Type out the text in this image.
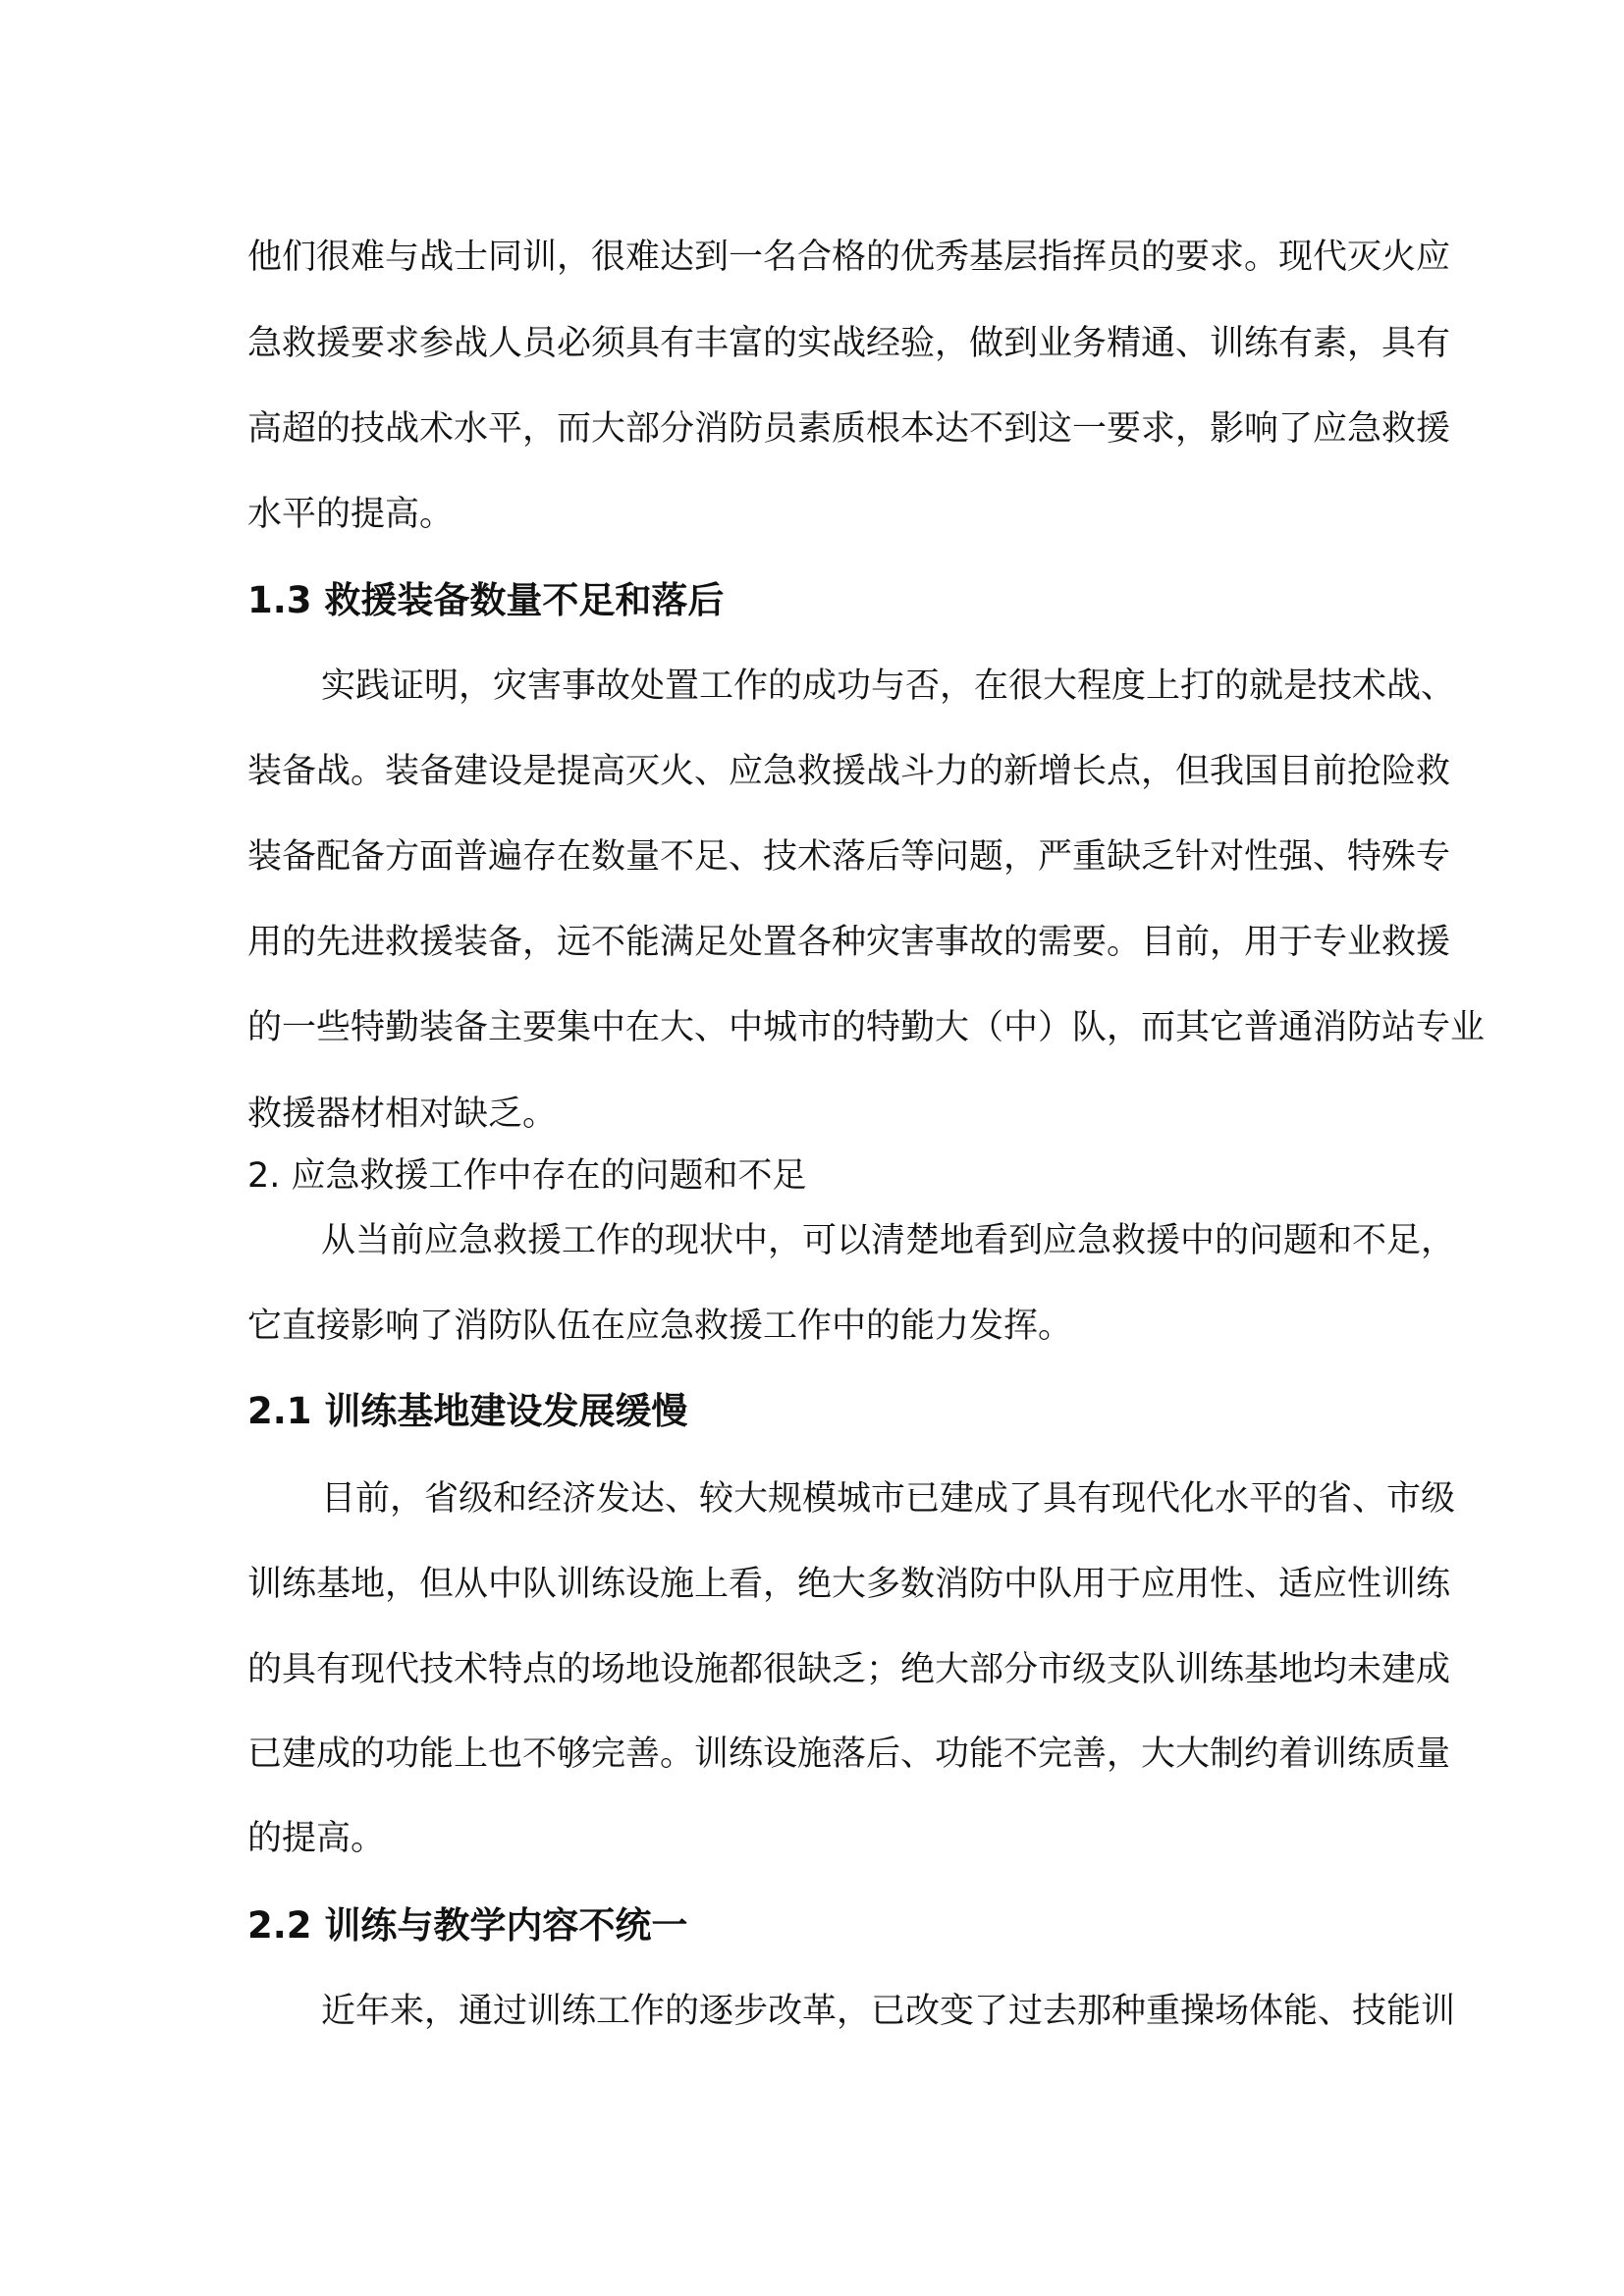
他们很难与战士同训，很难达到一名合格的优秀基层指挥员的要求。现代灭火应
急救援要求参战人员必须具有丰富的实战经验，做到业务精通、训练有素，具有
高超的技战术水平，而大部分消防员素质根本达不到这一要求，影响了应急救援
水平的提高。
1.3 救援装备数量不足和落后
实践证明，灾害事故处置工作的成功与否，在很大程度上打的就是技术战、
装备战。装备建设是提高灭火、应急救援战斗力的新增长点，但我国目前抢险救
装备配备方面普遍存在数量不足、技术落后等问题，严重缺乏针对性强、特殊专
用的先进救援装备，远不能满足处置各种灾害事故的需要。目前，用于专业救援
的一些特勤装备主要集中在大、中城市的特勤大（中）队，而其它普通消防站专业
救援器材相对缺乏。
2. 应急救援工作中存在的问题和不足
从当前应急救援工作的现状中，可以清楚地看到应急救援中的问题和不足，
它直接影响了消防队伍在应急救援工作中的能力发挥。
2.1 训练基地建设发展缓慢
目前，省级和经济发达、较大规模城市已建成了具有现代化水平的省、市级
训练基地，但从中队训练设施上看，绝大多数消防中队用于应用性、适应性训练
的具有现代技术特点的场地设施都很缺乏；绝大部分市级支队训练基地均未建成
已建成的功能上也不够完善。训练设施落后、功能不完善，大大制约着训练质量
的提高。
2.2 训练与教学内容不统一
近年来，通过训练工作的逐步改革，已改变了过去那种重操场体能、技能训
